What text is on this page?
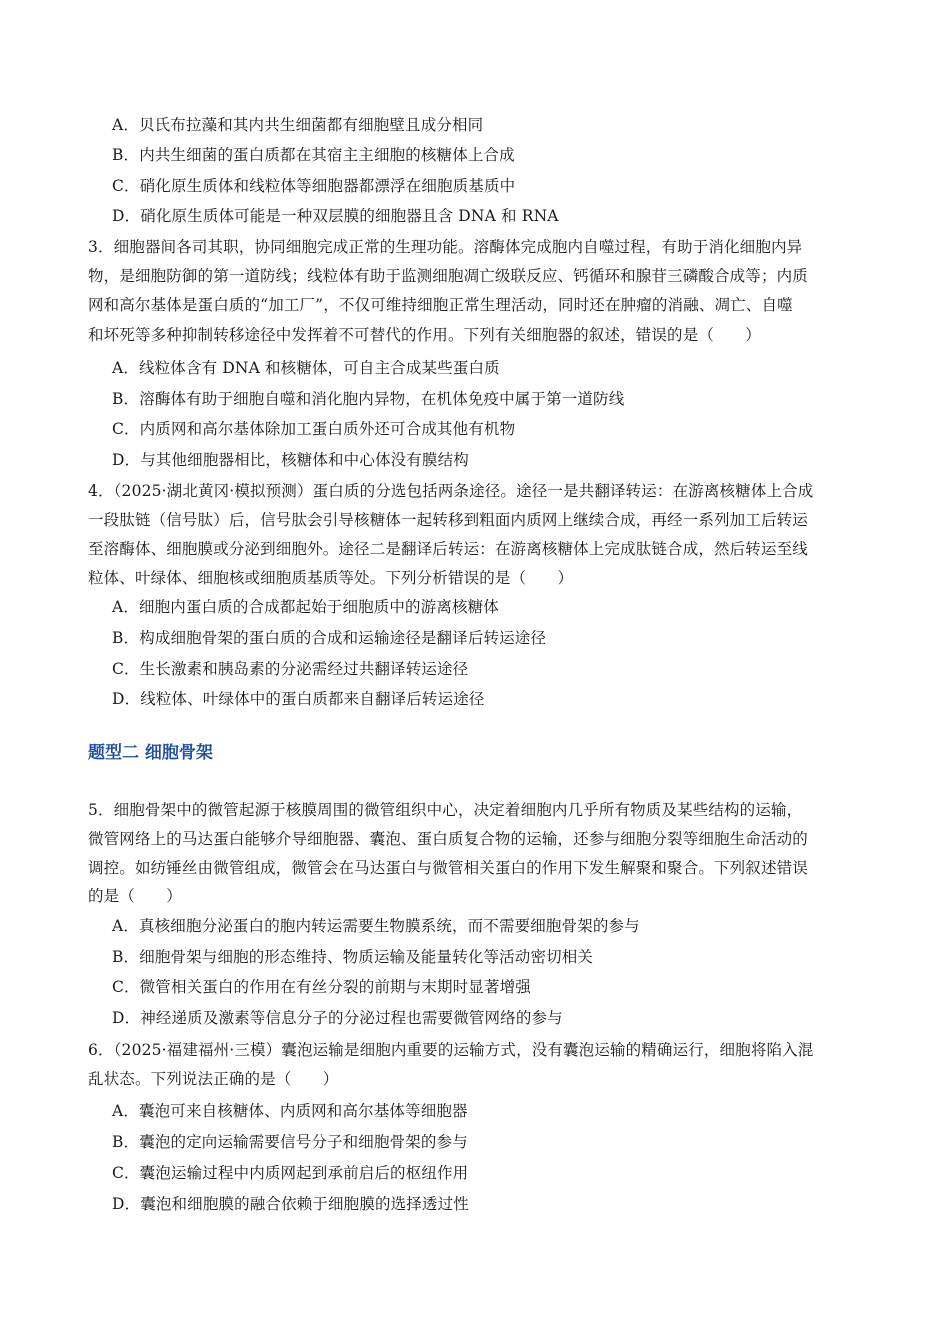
A．贝氏布拉藻和其内共生细菌都有细胞壁且成分相同
B．内共生细菌的蛋白质都在其宿主主细胞的核糖体上合成
C．硝化原生质体和线粒体等细胞器都漂浮在细胞质基质中
D．硝化原生质体可能是一种双层膜的细胞器且含 DNA 和 RNA
3．细胞器间各司其职，协同细胞完成正常的生理功能。溶酶体完成胞内自噬过程，有助于消化细胞内异
物，是细胞防御的第一道防线；线粒体有助于监测细胞凋亡级联反应、钙循环和腺苷三磷酸合成等；内质
网和高尔基体是蛋白质的“加工厂”，不仅可维持细胞正常生理活动，同时还在肿瘤的消融、凋亡、自噬
和坏死等多种抑制转移途径中发挥着不可替代的作用。下列有关细胞器的叙述，错误的是（　　）
A．线粒体含有 DNA 和核糖体，可自主合成某些蛋白质
B．溶酶体有助于细胞自噬和消化胞内异物，在机体免疫中属于第一道防线
C．内质网和高尔基体除加工蛋白质外还可合成其他有机物
D．与其他细胞器相比，核糖体和中心体没有膜结构
4．（2025·湖北黄冈·模拟预测）蛋白质的分选包括两条途径。途径一是共翻译转运：在游离核糖体上合成
一段肽链（信号肽）后，信号肽会引导核糖体一起转移到粗面内质网上继续合成，再经一系列加工后转运
至溶酶体、细胞膜或分泌到细胞外。途径二是翻译后转运：在游离核糖体上完成肽链合成，然后转运至线
粒体、叶绿体、细胞核或细胞质基质等处。下列分析错误的是（　　）
A．细胞内蛋白质的合成都起始于细胞质中的游离核糖体
B．构成细胞骨架的蛋白质的合成和运输途径是翻译后转运途径
C．生长激素和胰岛素的分泌需经过共翻译转运途径
D．线粒体、叶绿体中的蛋白质都来自翻译后转运途径
题型二 细胞骨架
5．细胞骨架中的微管起源于核膜周围的微管组织中心，决定着细胞内几乎所有物质及某些结构的运输，
微管网络上的马达蛋白能够介导细胞器、囊泡、蛋白质复合物的运输，还参与细胞分裂等细胞生命活动的
调控。如纺锤丝由微管组成，微管会在马达蛋白与微管相关蛋白的作用下发生解聚和聚合。下列叙述错误
的是（　　）
A．真核细胞分泌蛋白的胞内转运需要生物膜系统，而不需要细胞骨架的参与
B．细胞骨架与细胞的形态维持、物质运输及能量转化等活动密切相关
C．微管相关蛋白的作用在有丝分裂的前期与末期时显著增强
D．神经递质及激素等信息分子的分泌过程也需要微管网络的参与
6．（2025·福建福州·三模）囊泡运输是细胞内重要的运输方式，没有囊泡运输的精确运行，细胞将陷入混
乱状态。下列说法正确的是（　　）
A．囊泡可来自核糖体、内质网和高尔基体等细胞器
B．囊泡的定向运输需要信号分子和细胞骨架的参与
C．囊泡运输过程中内质网起到承前启后的枢纽作用
D．囊泡和细胞膜的融合依赖于细胞膜的选择透过性
